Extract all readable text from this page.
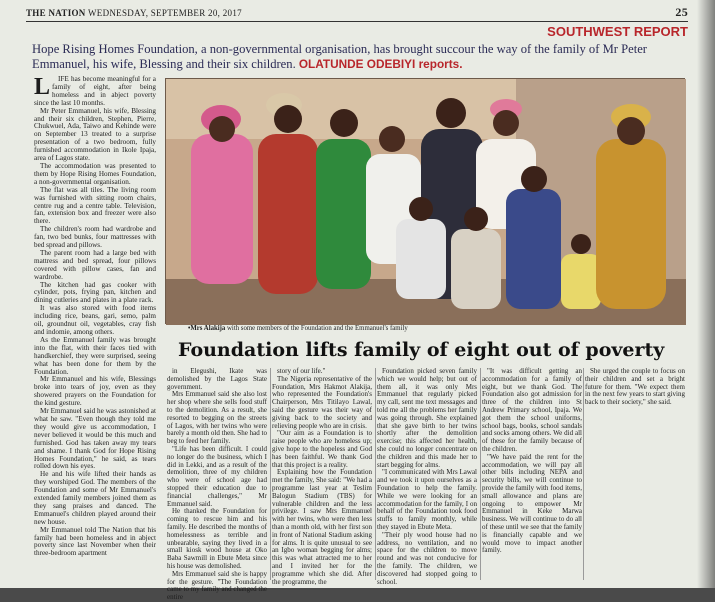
THE NATION WEDNESDAY, SEPTEMBER 20, 2017	25
SOUTHWEST REPORT
Hope Rising Homes Foundation, a non-governmental organisation, has brought succour the way of the family of Mr Peter Emmanuel, his wife, Blessing and their six children. OLATUNDE ODEBIYI reports.
L	IFE has become meaningful for a family of eight, after being homeless and in abject poverty since the last 10 months.

Mr Peter Emmanuel, his wife, Blessing and their six children, Stephen, Pierre, Chukwuel, Ada, Taiwo and Kehinde were on September 13 treated to a surprise presentation of a two bedroom, fully furnished accommodation in Ikole Ipaja, area of Lagos state.

The accommodation was presented to them by Hope Rising Homes Foundation, a non-governmental organisation.

The flat was all tiles. The living room was furnished with sitting room chairs, centre rug and a centre table. Television, fan, extension box and freezer were also there.

The children's room had wardrobe and fan, two bed bunks, four mattresses with bed spread and pillows.

The parent room had a large bed with mattress and bed spread, four pillows covered with pillow cases, fan and wardrobe.

The kitchen had gas cooker with cylinder, pots, frying pan, kitchen and dining cutleries and plates in a plate rack.

It was also stored with food items including rice, beans, gari, semo, palm oil, groundnut oil, vegetables, cray fish and indomie, among others.

As the Emmanuel family was brought into the flat, with their faces tied with handkerchief, they were surprised, seeing what has been done for them by the Foundation.

Mr Emmanuel and his wife, Blessings broke into tears of joy, even as they showered prayers on the Foundation for the kind gesture.

Mr Emmanuel said he was astonished at what he saw. "Even though they told me they would give us accommodation, I never believed it would be this much and furnished. God has taken away my tears and shame. I thank God for Hope Rising Homes Foundation," he said, as tears rolled down his eyes.

He and his wife lifted their hands as they worshiped God. The members of the Foundation and some of Mr Emmanuel's extended family members joined them as they sang praises and danced. The Emmanuel's children played around their new house.

Mr Emmanuel told The Nation that his family had been homeless and in abject poverty since last November when their three-bedroom apartment

•Mrs Alakija with some members of the Foundation and the Emmanuel's family
Foundation lifts family of eight out of poverty

in Elegushi, Ikate was demolished by the Lagos State government.

Mrs Emmanuel said she also lost her shop where she sells food stuff to the demolition. As a result, she resorted to begging on the streets of Lagos, with her twins who were barely a month old then. She had to beg to feed her family.

"Life has been difficult. I could no longer do the business, which I did in Lekki, and as a result of the demolition, three of my children who were of school age had stopped their education due to financial challenges," Mr Emmanuel said.

He thanked the Foundation for coming to rescue him and his family. He described the months of homelessness as terrible and unbearable, saying they lived in a small kiosk wood house at Oko Baba Sawmill in Ebute Meta since his house was demolished.

Mrs Emmanuel said she is happy for the gesture. "The Foundation came to my family and changed the entire

story of our life."

The Nigeria representative of the Foundation, Mrs Hakmot Alakija, who represented the Foundation's Chairperson, Mrs Titilayo Lawal, said the gesture was their way of giving back to the society and relieving people who are in crisis.

"Our aim as a Foundation is to raise people who are homeless up; give hope to the hopeless and God has been faithful. We thank God that this project is a reality.

Explaining how the Foundation met the family, She said: "We had a programme last year at Teslim Balogun Stadium (TBS) for vulnerable children and the less privilege. I saw Mrs Emmanuel with her twins, who were then less than a month old, with her first son in front of National Stadium asking for alms. It is quite unusual to see an Igbo woman begging for alms; this was what attracted me to her and I invited her for the programme which she did. After the programme, the

Foundation picked seven family which we would help; but out of them all, it was only Mrs Emmanuel that regularly picked my call, sent me text messages and told me all the problems her family was going through. She explained that she gave birth to her twins shortly after the demolition exercise; this affected her health, she could no longer concentrate on the children and this made her to start begging for alms.

"I communicated with Mrs Lawal and we took it upon ourselves as a Foundation to help the family. While we were looking for an accommodation for the family, I on behalf of the Foundation took food stuffs to family monthly, while they stayed in Ebute Meta.

"Their ply wood house had no address, no ventilation, and no space for the children to move round and was not conducive for the family. The children, we discovered had stopped going to school.

"It was difficult getting an accommodation for a family of eight, but we thank God. The Foundation also got admission for three of the children into St Andrew Primary school, Ipaja. We got them the school uniforms, school bags, books, school sandals and socks among others. We did all of these for the family because of the children.

"We have paid the rent for the accommodation, we will pay all other bills including NEPA and security bills, we will continue to provide the family with food items, small allowance and plans are ongoing to empower Mr Emmanuel in Keke Marwa business. We will continue to do all of these until we see that the family is financially capable and we would move to impact another family.

She urged the couple to focus on their children and set a bright future for them. "We expect them in the next few years to start giving back to their society," she said.
